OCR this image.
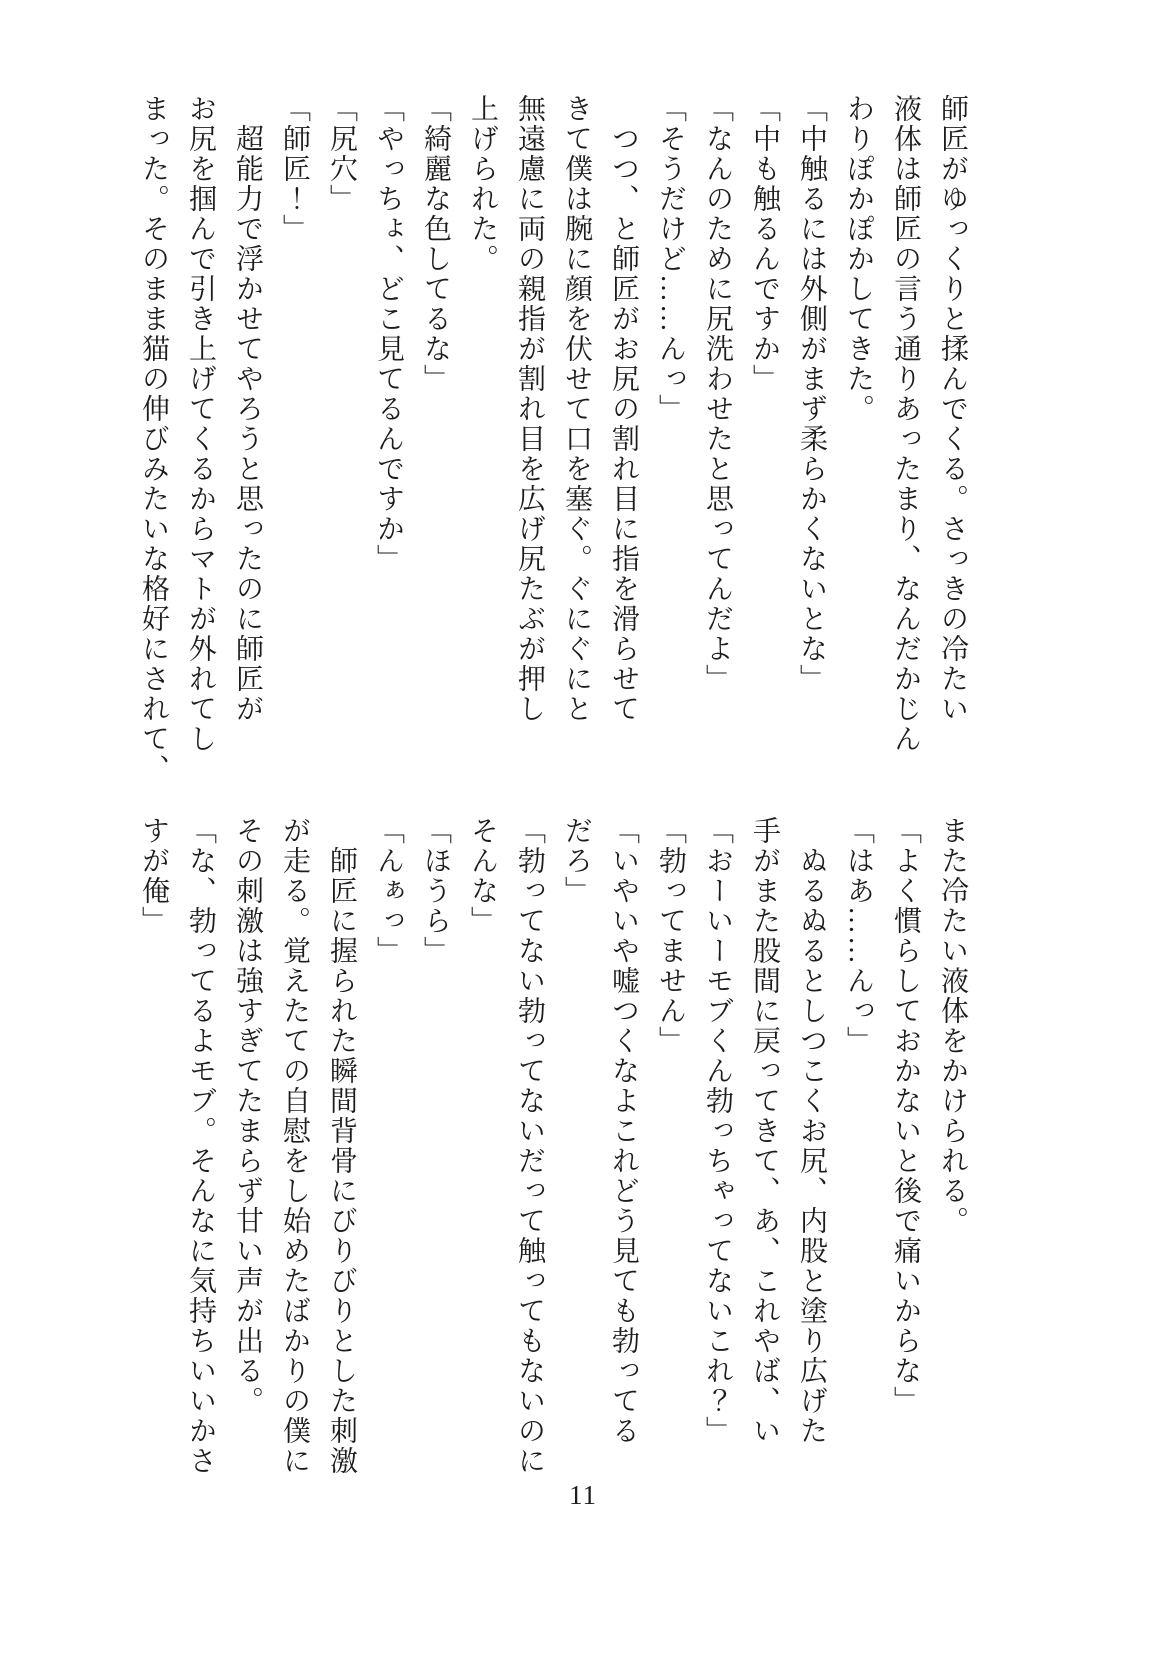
師匠がゆっくりと揉んでくる。さっきの冷たい
液体は師匠の言う通りあったまり、なんだかじん
わりぽかぽかしてきた。
「中触るには外側がまず柔らかくないとな」
「中も触るんですか」
「なんのために尻洗わせたと思ってんだよ」
「そうだけど……んっ」
つつ、と師匠がお尻の割れ目に指を滑らせて
きて僕は腕に顔を伏せて口を塞ぐ。ぐにぐにと
無遠慮に両の親指が割れ目を広げ尻たぶが押し
上げられた。
「綺麗な色してるな」
「やっちょ、どこ見てるんですか」
「尻穴」
「師匠！」
超能力で浮かせてやろうと思ったのに師匠が
お尻を掴んで引き上げてくるからマトが外れてし
まった。そのまま猫の伸びみたいな格好にされて、
また冷たい液体をかけられる。
「よく慣らしておかないと後で痛いからな」
「はあ……んっ」
ぬるぬるとしつこくお尻、内股と塗り広げた
手がまた股間に戻ってきて、あ、これやば、い
「おーいーモブくん勃っちゃってないこれ？」
「勃ってません」
「いやいや嘘つくなよこれどう見ても勃ってる
だろ」
「勃ってない勃ってないだって触ってもないのに
そんな」
「ほうら」
「んぁっ」
師匠に握られた瞬間背骨にびりびりとした刺激
が走る。覚えたての自慰をし始めたばかりの僕に
その刺激は強すぎてたまらず甘い声が出る。
「な、勃ってるよモブ。そんなに気持ちいいかさ
すが俺」
11
